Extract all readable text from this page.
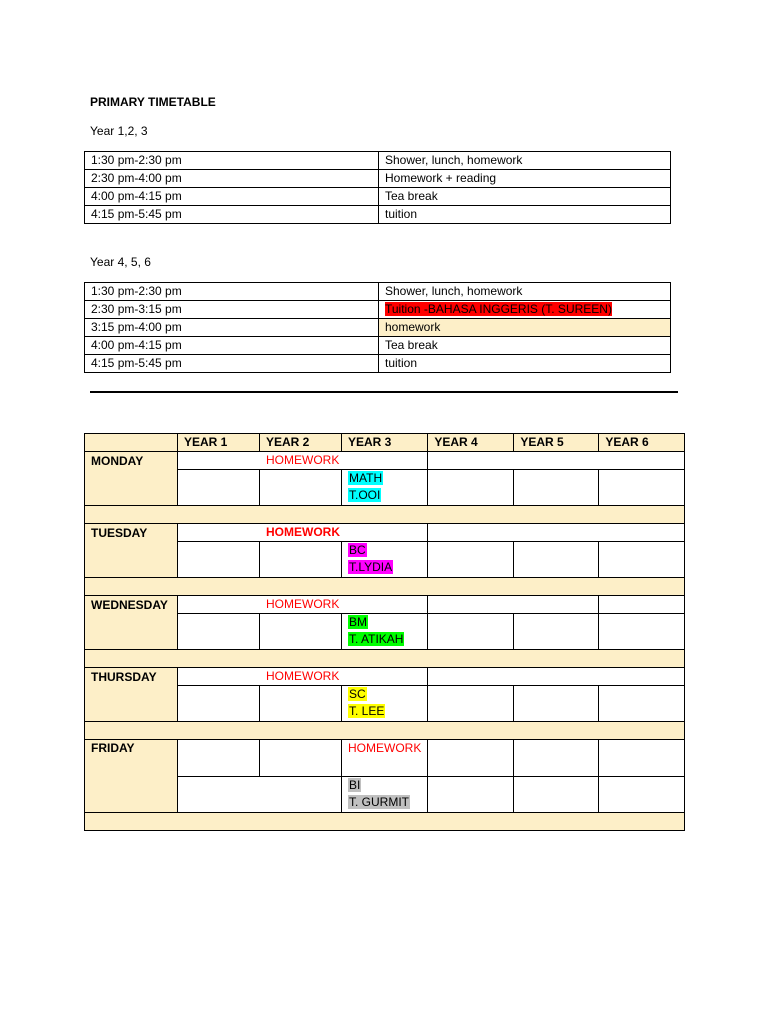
PRIMARY TIMETABLE
Year 1,2, 3
1:30 pm-2:30 pm	Shower, lunch, homework
2:30 pm-4:00 pm	Homework + reading
4:00 pm-4:15 pm	Tea break
4:15 pm-5:45 pm	tuition
Year 4, 5, 6
1:30 pm-2:30 pm	Shower, lunch, homework
2:30 pm-3:15 pm	Tuition -BAHASA INGGERIS (T. SUREEN)
3:15 pm-4:00 pm	homework
4:00 pm-4:15 pm	Tea break
4:15 pm-5:45 pm	tuition
	YEAR 1	YEAR 2	YEAR 3	YEAR 4	YEAR 5	YEAR 6
MONDAY	HOMEWORK					
			MATH
T.OOI			

TUESDAY	HOMEWORK					
			BC
T.LYDIA			

WEDNESDAY	HOMEWORK					
			BM
T. ATIKAH			

THURSDAY	HOMEWORK					
			SC
T. LEE			

FRIDAY			HOMEWORK			
			BI
T. GURMIT			
